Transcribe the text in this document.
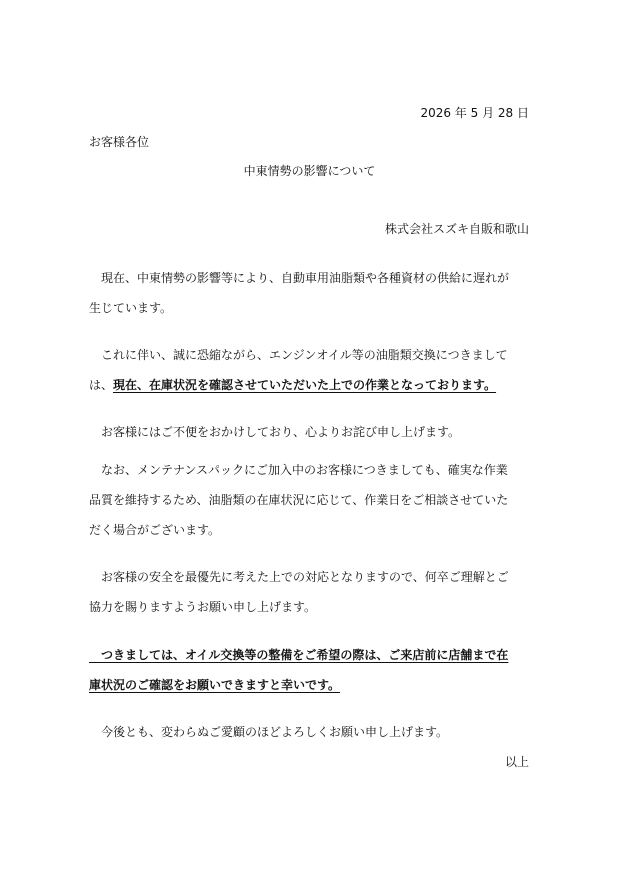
2026 年 5 月 28 日
お客様各位
中東情勢の影響について
株式会社スズキ自販和歌山
　現在、中東情勢の影響等により、自動車用油脂類や各種資材の供給に遅れが 生じています。
　これに伴い、誠に恐縮ながら、エンジンオイル等の油脂類交換につきまして は、現在、在庫状況を確認させていただいた上での作業となっております。
　お客様にはご不便をおかけしており、心よりお詫び申し上げます。
　なお、メンテナンスパックにご加入中のお客様につきましても、確実な作業 品質を維持するため、油脂類の在庫状況に応じて、作業日をご相談させていた だく場合がございます。
　お客様の安全を最優先に考えた上での対応となりますので、何卒ご理解とご 協力を賜りますようお願い申し上げます。
　つきましては、オイル交換等の整備をご希望の際は、ご来店前に店舗まで在 庫状況のご確認をお願いできますと幸いです。
　今後とも、変わらぬご愛顧のほどよろしくお願い申し上げます。
以上
